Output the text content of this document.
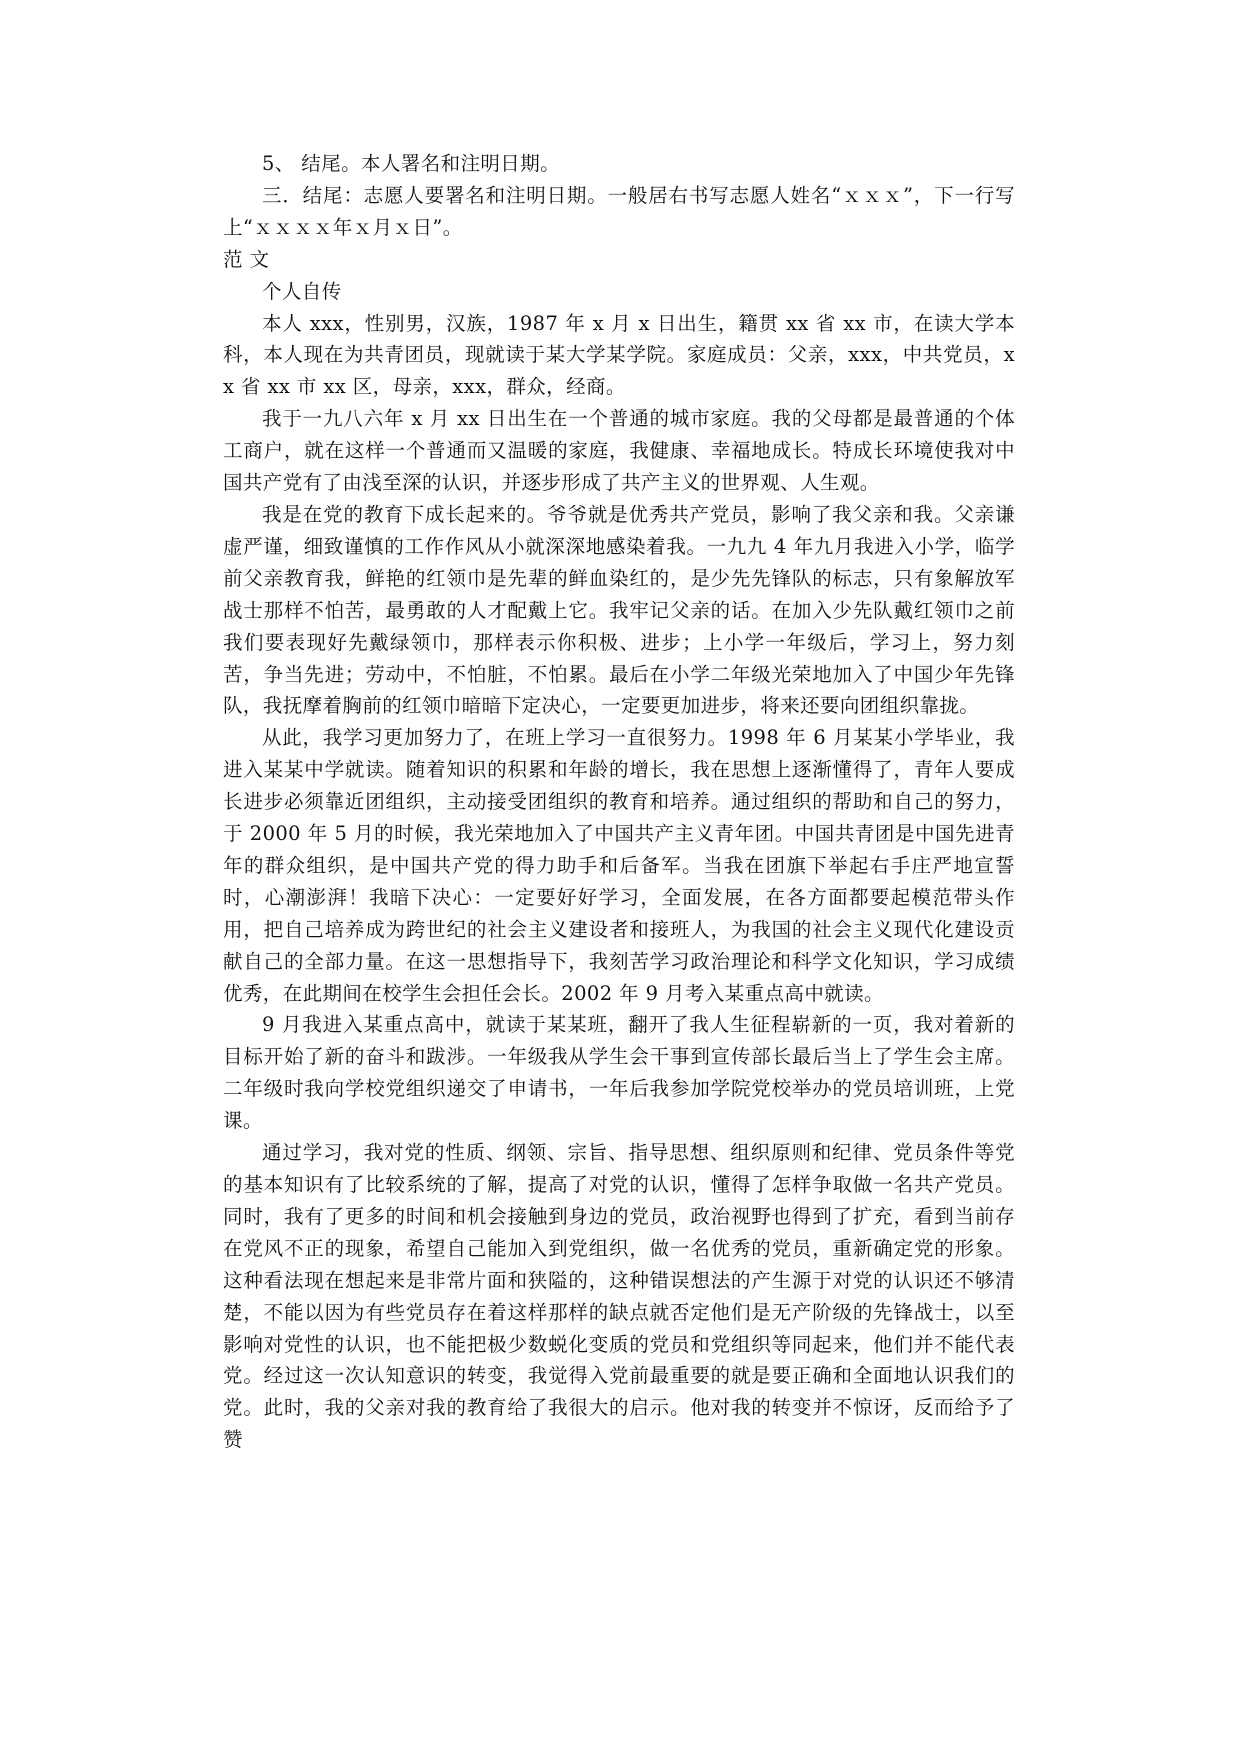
5、 结尾。本人署名和注明日期。

三．结尾：志愿人要署名和注明日期。一般居右书写志愿人姓名“ｘｘｘ”，下一行写上“ｘｘｘｘ年ｘ月ｘ日”。

范 文

个人自传

本人 xxx，性别男，汉族，1987 年 x 月 x 日出生，籍贯 xx 省 xx 市，在读大学本科，本人现在为共青团员，现就读于某大学某学院。家庭成员：父亲，xxx，中共党员，xx 省 xx 市 xx 区，母亲，xxx，群众，经商。

我于一九八六年 x 月 xx 日出生在一个普通的城市家庭。我的父母都是最普通的个体工商户，就在这样一个普通而又温暖的家庭，我健康、幸福地成长。特成长环境使我对中国共产党有了由浅至深的认识，并逐步形成了共产主义的世界观、人生观。

我是在党的教育下成长起来的。爷爷就是优秀共产党员，影响了我父亲和我。父亲谦虚严谨，细致谨慎的工作作风从小就深深地感染着我。一九九 4 年九月我进入小学，临学前父亲教育我，鲜艳的红领巾是先辈的鲜血染红的，是少先先锋队的标志，只有象解放军战士那样不怕苦，最勇敢的人才配戴上它。我牢记父亲的话。在加入少先队戴红领巾之前我们要表现好先戴绿领巾，那样表示你积极、进步；上小学一年级后，学习上，努力刻苦，争当先进；劳动中，不怕脏，不怕累。最后在小学二年级光荣地加入了中国少年先锋队，我抚摩着胸前的红领巾暗暗下定决心，一定要更加进步，将来还要向团组织靠拢。

从此，我学习更加努力了，在班上学习一直很努力。1998 年 6 月某某小学毕业，我进入某某中学就读。随着知识的积累和年龄的增长，我在思想上逐渐懂得了，青年人要成长进步必须靠近团组织，主动接受团组织的教育和培养。通过组织的帮助和自己的努力，于 2000 年 5 月的时候，我光荣地加入了中国共产主义青年团。中国共青团是中国先进青年的群众组织，是中国共产党的得力助手和后备军。当我在团旗下举起右手庄严地宣誓时，心潮澎湃！我暗下决心：一定要好好学习，全面发展，在各方面都要起模范带头作用，把自己培养成为跨世纪的社会主义建设者和接班人，为我国的社会主义现代化建设贡献自己的全部力量。在这一思想指导下，我刻苦学习政治理论和科学文化知识，学习成绩优秀，在此期间在校学生会担任会长。2002 年 9 月考入某重点高中就读。

9 月我进入某重点高中，就读于某某班，翻开了我人生征程崭新的一页，我对着新的目标开始了新的奋斗和跋涉。一年级我从学生会干事到宣传部长最后当上了学生会主席。二年级时我向学校党组织递交了申请书，一年后我参加学院党校举办的党员培训班，上党课。

通过学习，我对党的性质、纲领、宗旨、指导思想、组织原则和纪律、党员条件等党的基本知识有了比较系统的了解，提高了对党的认识，懂得了怎样争取做一名共产党员。同时，我有了更多的时间和机会接触到身边的党员，政治视野也得到了扩充，看到当前存在党风不正的现象，希望自己能加入到党组织，做一名优秀的党员，重新确定党的形象。这种看法现在想起来是非常片面和狭隘的，这种错误想法的产生源于对党的认识还不够清楚，不能以因为有些党员存在着这样那样的缺点就否定他们是无产阶级的先锋战士，以至影响对党性的认识，也不能把极少数蜕化变质的党员和党组织等同起来，他们并不能代表党。经过这一次认知意识的转变，我觉得入党前最重要的就是要正确和全面地认识我们的党。此时，我的父亲对我的教育给了我很大的启示。他对我的转变并不惊讶，反而给予了赞
